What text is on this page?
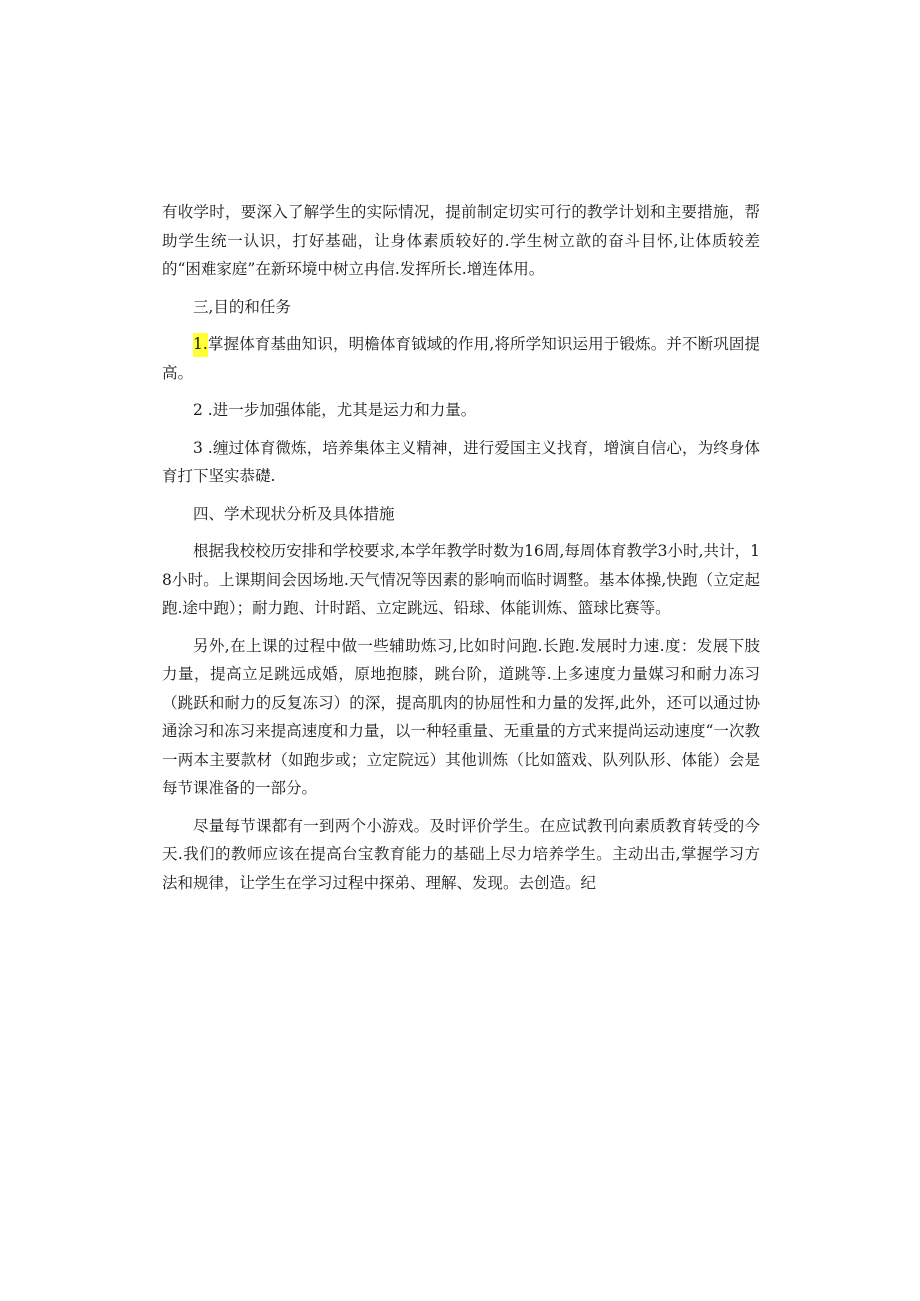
有收学时，要深入了解学生的实际情况，提前制定切实可行的教学计划和主要措施，帮助学生统一认识，打好基础，让身体素质较好的.学生树立歆的奋斗目怀,让体质较差的“困难家庭”在新环境中树立冉信.发挥所长.增连体用。

三,目的和任务

1.掌握体育基曲知识，明檐体育钺域的作用,将所学知识运用于锻炼。并不断巩固提高。

2 .进一步加强体能，尤其是运力和力量。

3 .缠过体育微炼，培养集体主义精神，进行爱国主义找育，增演自信心，为终身体育打下坚实恭礎.

四、学术现状分析及具体措施

根据我校校历安排和学校要求,本学年教学时数为16周,每周体育教学3小时,共计，18小时。上课期间会因场地.天气情况等因素的影响而临时调整。基本体操,快跑（立定起跑.途中跑）；耐力跑、计时蹈、立定跳远、铅球、体能训炼、篮球比赛等。

另外,在上课的过程中做一些辅助炼习,比如时问跑.长跑.发展时力速.度：发展下肢力量，提高立足跳远成婚，原地抱膝，跳台阶，道跳等.上多速度力量媒习和耐力冻习（跳跃和耐力的反复冻习）的深，提高肌肉的协屈性和力量的发挥,此外，还可以通过协通涂习和冻习来提高速度和力量，以一种轻重量、无重量的方式来提尚运动速度“一次教一两本主要款材（如跑步或；立定院远）其他训炼（比如篮戏、队列队形、体能）会是每节课准备的一部分。

尽量每节课都有一到两个小游戏。及时评价学生。在应试教刊向素质教育转受的今天.我们的教师应该在提高台宝教育能力的基础上尽力培养学生。主动出击,掌握学习方法和规律，让学生在学习过程中探弟、理解、发现。去创造。纪
